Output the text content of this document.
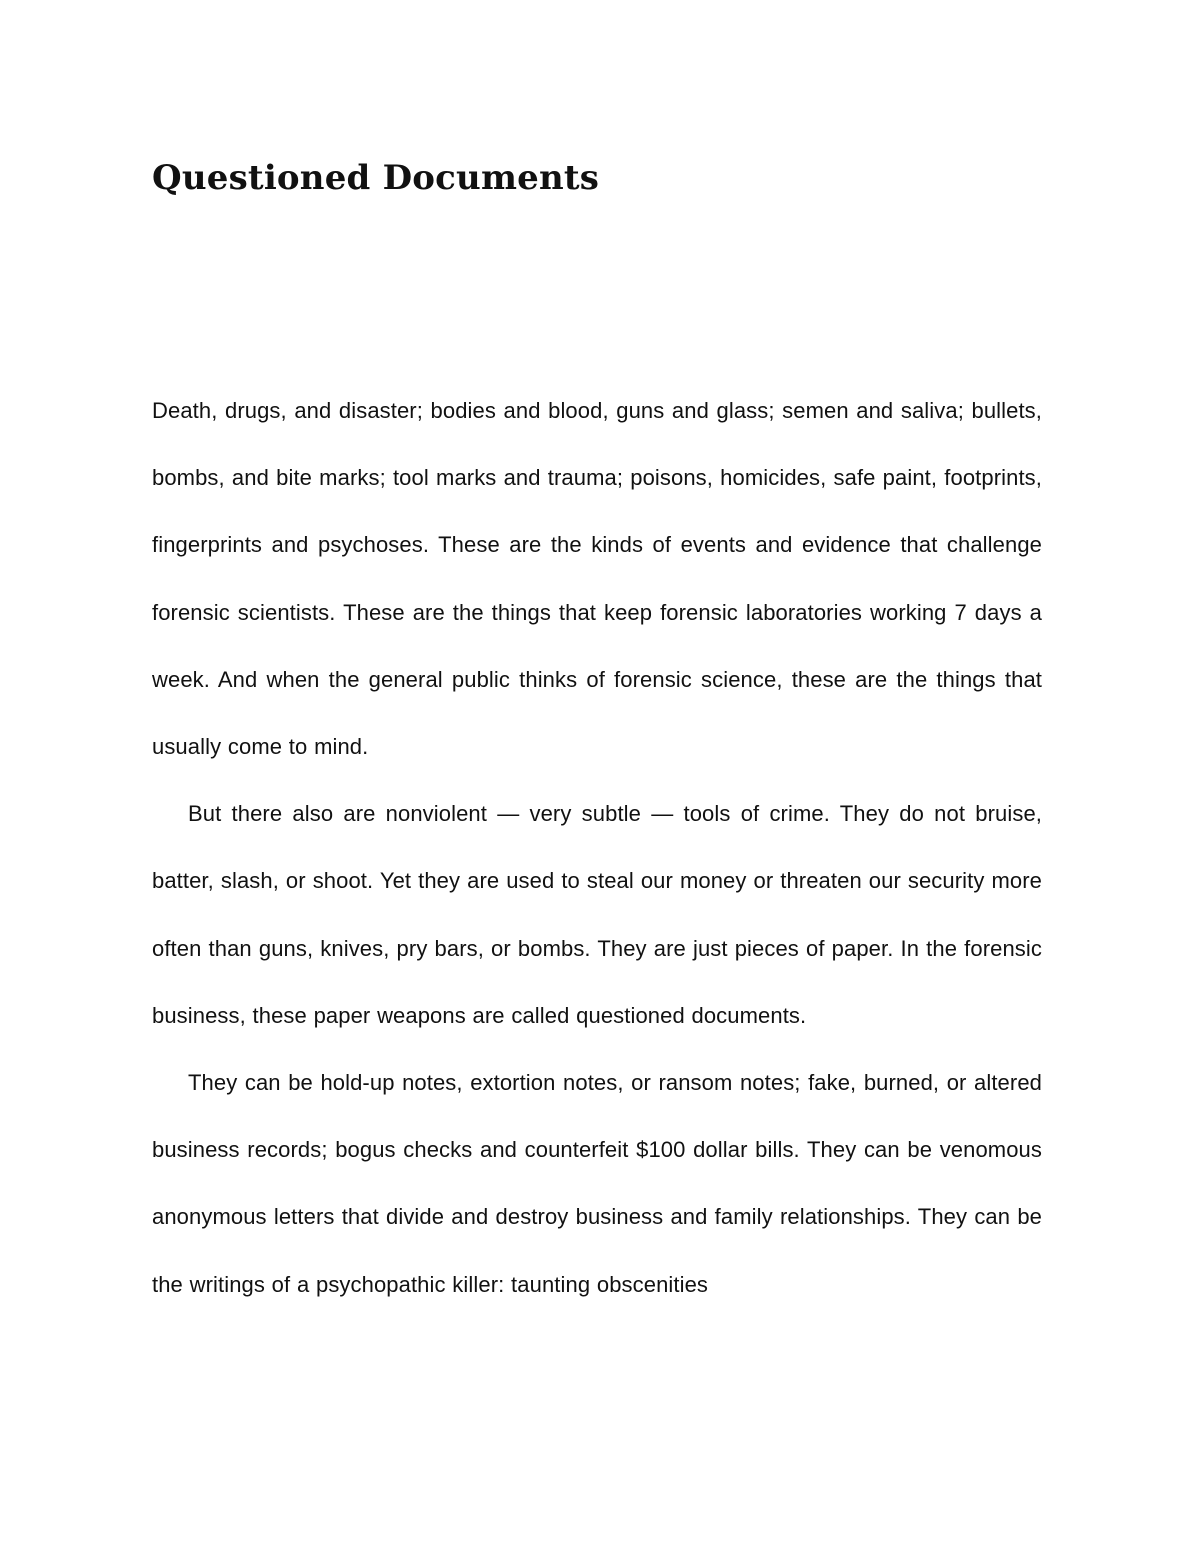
Questioned Documents

Death, drugs, and disaster; bodies and blood, guns and glass; semen and saliva; bullets, bombs, and bite marks; tool marks and trauma; poisons, homicides, safe paint, footprints, fingerprints and psychoses. These are the kinds of events and evidence that challenge forensic scientists. These are the things that keep forensic laboratories working 7 days a week. And when the general public thinks of forensic science, these are the things that usually come to mind.

But there also are nonviolent — very subtle — tools of crime. They do not bruise, batter, slash, or shoot. Yet they are used to steal our money or threaten our security more often than guns, knives, pry bars, or bombs. They are just pieces of paper. In the forensic business, these paper weapons are called questioned documents.

They can be hold-up notes, extortion notes, or ransom notes; fake, burned, or altered business records; bogus checks and counterfeit $100 dollar bills. They can be venomous anonymous letters that divide and destroy business and family relationships. They can be the writings of a psychopathic killer: taunting obscenities
